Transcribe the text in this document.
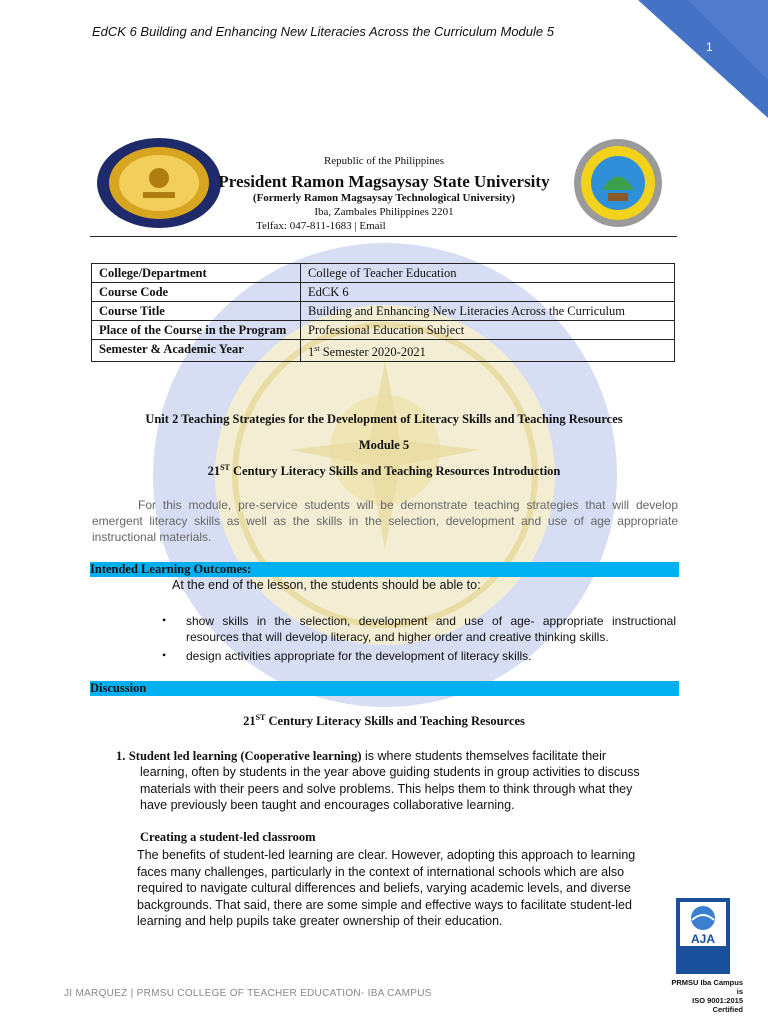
EdCK 6 Building and Enhancing New Literacies Across the Curriculum Module 5
1
Republic of the Philippines
President Ramon Magsaysay State University
(Formerly Ramon Magsaysay Technological University)
Iba, Zambales Philippines 2201
Telfax: 047-811-1683 | Email
College/Department	College of Teacher Education
Course Code	EdCK 6
Course Title	Building and Enhancing New Literacies Across the Curriculum
Place of the Course in the Program	Professional Education Subject
Semester & Academic Year	1st Semester 2020-2021
Unit 2 Teaching Strategies for the Development of Literacy Skills and Teaching Resources
Module 5
21ST Century Literacy Skills and Teaching Resources Introduction
For this module, pre-service students will be demonstrate teaching strategies that will develop emergent literacy skills as well as the skills in the selection, development and use of age appropriate instructional materials.
Intended Learning Outcomes:
At the end of the lesson, the students should be able to:
• show skills in the selection, development and use of age- appropriate instructional resources that will develop literacy, and higher order and creative thinking skills.
• design activities appropriate for the development of literacy skills.
Discussion
21ST Century Literacy Skills and Teaching Resources
1. Student led learning (Cooperative learning) is where students themselves facilitate their
learning, often by students in the year above guiding students in group activities to discuss materials with their peers and solve problems. This helps them to think through what they have previously been taught and encourages collaborative learning.
Creating a student-led classroom
The benefits of student-led learning are clear. However, adopting this approach to learning faces many challenges, particularly in the context of international schools which are also required to navigate cultural differences and beliefs, varying academic levels, and diverse backgrounds. That said, there are some simple and effective ways to facilitate student-led learning and help pupils take greater ownership of their education.
AJA
PRMSU Iba Campus is
ISO 9001:2015 Certified
JI MARQUEZ | PRMSU COLLEGE OF TEACHER EDUCATION- IBA CAMPUS
